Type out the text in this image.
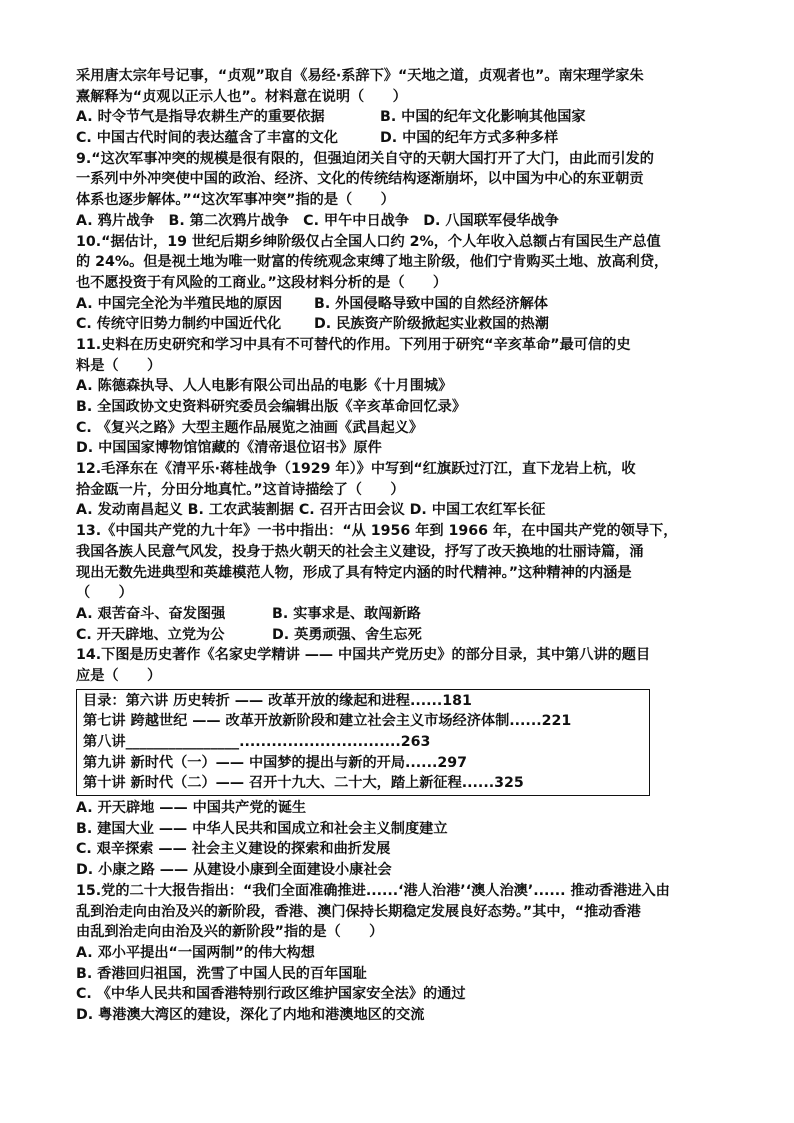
采用唐太宗年号记事，“贞观”取自《易经·系辞下》“天地之道，贞观者也”。南宋理学家朱
熹解释为“贞观以正示人也”。材料意在说明（　　）
A. 时令节气是指导农耕生产的重要依据	B. 中国的纪年文化影响其他国家
C. 中国古代时间的表达蕴含了丰富的文化	D. 中国的纪年方式多种多样
9.“这次军事冲突的规模是很有限的，但强迫闭关自守的天朝大国打开了大门，由此而引发的
一系列中外冲突使中国的政治、经济、文化的传统结构逐渐崩坏，以中国为中心的东亚朝贡
体系也逐步解体。”“这次军事冲突”指的是（　　）
A. 鸦片战争　B. 第二次鸦片战争　C. 甲午中日战争　D. 八国联军侵华战争
10.“据估计，19 世纪后期乡绅阶级仅占全国人口约 2%，个人年收入总额占有国民生产总值
的 24%。但是视土地为唯一财富的传统观念束缚了地主阶级，他们宁肯购买土地、放高利贷，
也不愿投资于有风险的工商业。”这段材料分析的是（　　）
A. 中国完全沦为半殖民地的原因	B. 外国侵略导致中国的自然经济解体
C. 传统守旧势力制约中国近代化	D. 民族资产阶级掀起实业救国的热潮
11.史料在历史研究和学习中具有不可替代的作用。下列用于研究“辛亥革命”最可信的史
料是（　　）
A. 陈德森执导、人人电影有限公司出品的电影《十月围城》
B. 全国政协文史资料研究委员会编辑出版《辛亥革命回忆录》
C. 《复兴之路》大型主题作品展览之油画《武昌起义》
D. 中国国家博物馆馆藏的《清帝退位诏书》原件
12.毛泽东在《清平乐·蒋桂战争（1929 年）》中写到“红旗跃过汀江，直下龙岩上杭，收
拾金瓯一片，分田分地真忙。”这首诗描绘了（　　）
A. 发动南昌起义 B. 工农武装割据 C. 召开古田会议 D. 中国工农红军长征
13.《中国共产党的九十年》一书中指出：“从 1956 年到 1966 年，在中国共产党的领导下，
我国各族人民意气风发，投身于热火朝天的社会主义建设，抒写了改天换地的壮丽诗篇，涌
现出无数先进典型和英雄模范人物，形成了具有特定内涵的时代精神。”这种精神的内涵是
（　　）
A. 艰苦奋斗、奋发图强	B. 实事求是、敢闯新路
C. 开天辟地、立党为公	D. 英勇顽强、舍生忘死
14.下图是历史著作《名家史学精讲 —— 中国共产党历史》的部分目录，其中第八讲的题目
应是（　　）
目录：第六讲 历史转折 —— 改革开放的缘起和进程......181
第七讲 跨越世纪 —— 改革开放新阶段和建立社会主义市场经济体制......221
第八讲________________..............................263
第九讲 新时代（一）—— 中国梦的提出与新的开局......297
第十讲 新时代（二）—— 召开十九大、二十大，踏上新征程......325
A. 开天辟地 —— 中国共产党的诞生
B. 建国大业 —— 中华人民共和国成立和社会主义制度建立
C. 艰辛探索 —— 社会主义建设的探索和曲折发展
D. 小康之路 —— 从建设小康到全面建设小康社会
15.党的二十大报告指出：“我们全面准确推进......‘港人治港’‘澳人治澳’...... 推动香港进入由
乱到治走向由治及兴的新阶段，香港、澳门保持长期稳定发展良好态势。”其中，“推动香港
由乱到治走向由治及兴的新阶段”指的是（　　）
A. 邓小平提出“一国两制”的伟大构想
B. 香港回归祖国，洗雪了中国人民的百年国耻
C. 《中华人民共和国香港特别行政区维护国家安全法》的通过
D. 粤港澳大湾区的建设，深化了内地和港澳地区的交流
